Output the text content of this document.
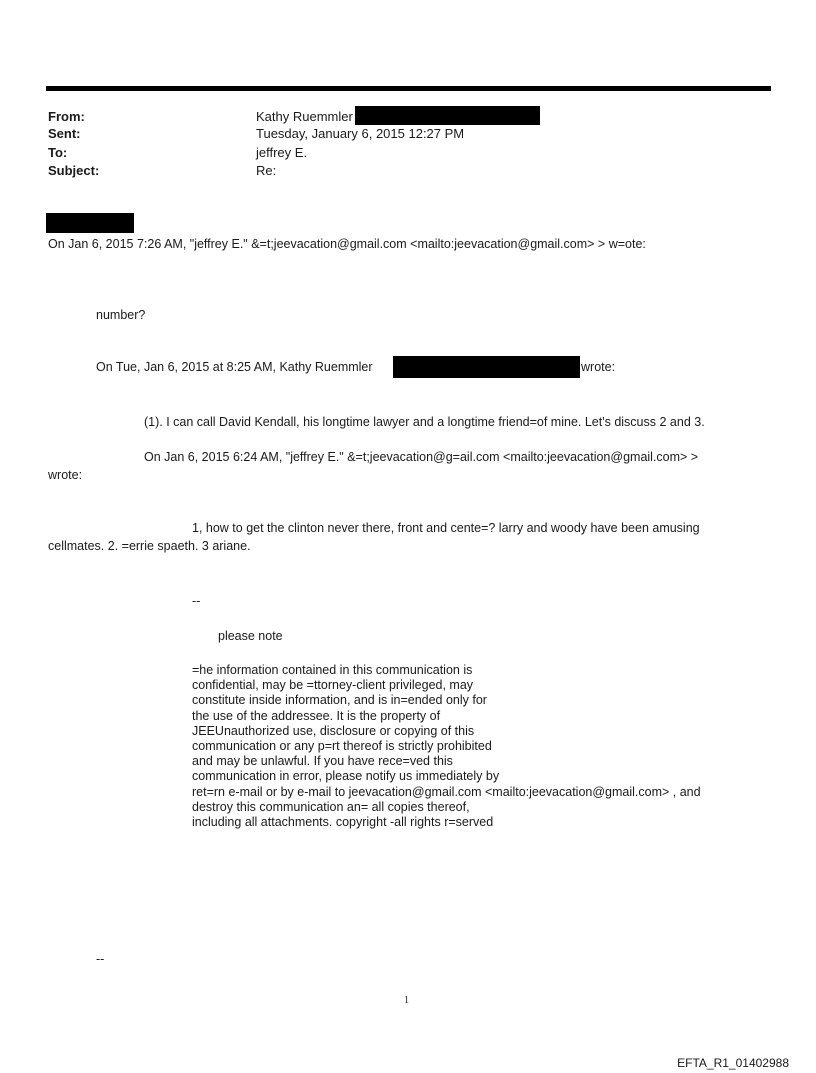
From:	Kathy Ruemmler
Sent:	Tuesday, January 6, 2015 12:27 PM
To:	jeffrey E.
Subject:	Re:
On Jan 6, 2015 7:26 AM, "jeffrey E." &=t;jeevacation@gmail.com <mailto:jeevacation@gmail.com> > w=ote:
number?
On Tue, Jan 6, 2015 at 8:25 AM, Kathy Ruemmler	wrote:
(1). I can call David Kendall, his longtime lawyer and a longtime friend=of mine. Let's discuss 2 and 3.
On Jan 6, 2015 6:24 AM, "jeffrey E." &=t;jeevacation@g=ail.com <mailto:jeevacation@gmail.com> >
wrote:
1, how to get the clinton never there, front and cente=? larry and woody have been amusing
cellmates. 2. =errie spaeth. 3 ariane.
--
please note
=he information contained in this communication is
confidential, may be =ttorney-client privileged, may
constitute inside information, and is in=ended only for
the use of the addressee. It is the property of
JEEUnauthorized use, disclosure or copying of this
communication or any p=rt thereof is strictly prohibited
and may be unlawful. If you have rece=ved this
communication in error, please notify us immediately by
ret=rn e-mail or by e-mail to jeevacation@gmail.com <mailto:jeevacation@gmail.com> , and
destroy this communication an= all copies thereof,
including all attachments. copyright -all rights r=served
--
1
EFTA_R1_01402988
